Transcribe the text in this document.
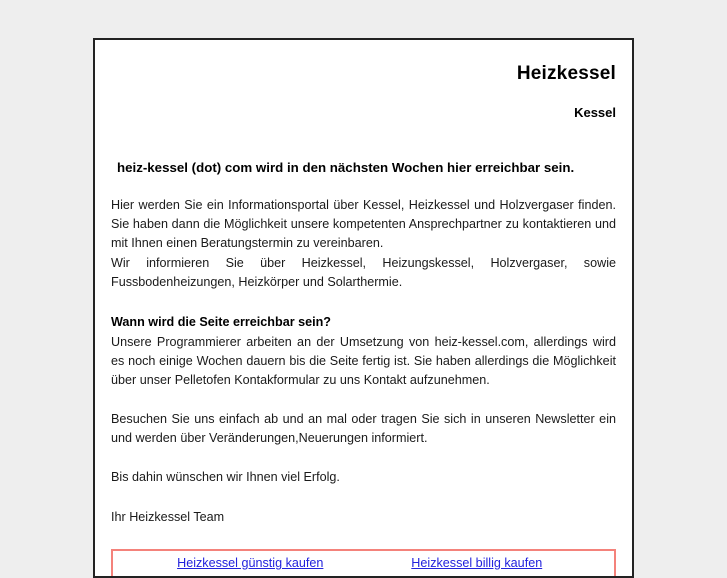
Heizkessel
Kessel

heiz-kessel (dot) com wird in den nächsten Wochen hier erreichbar sein.

Hier werden Sie ein Informationsportal über Kessel, Heizkessel und Holzvergaser finden. Sie haben dann die Möglichkeit unsere kompetenten Ansprechpartner zu kontaktieren und mit Ihnen einen Beratungstermin zu vereinbaren.

Wir informieren Sie über Heizkessel, Heizungskessel, Holzvergaser, sowie Fussbodenheizungen, Heizkörper und Solarthermie.

Wann wird die Seite erreichbar sein?

Unsere Programmierer arbeiten an der Umsetzung von heiz-kessel.com, allerdings wird es noch einige Wochen dauern bis die Seite fertig ist. Sie haben allerdings die Möglichkeit über unser Pelletofen Kontakformular zu uns Kontakt aufzunehmen.

Besuchen Sie uns einfach ab und an mal oder tragen Sie sich in unseren Newsletter ein und werden über Veränderungen,Neuerungen informiert.

Bis dahin wünschen wir Ihnen viel Erfolg.

Ihr Heizkessel Team

Heizkessel günstig kaufen	Heizkessel billig kaufen
